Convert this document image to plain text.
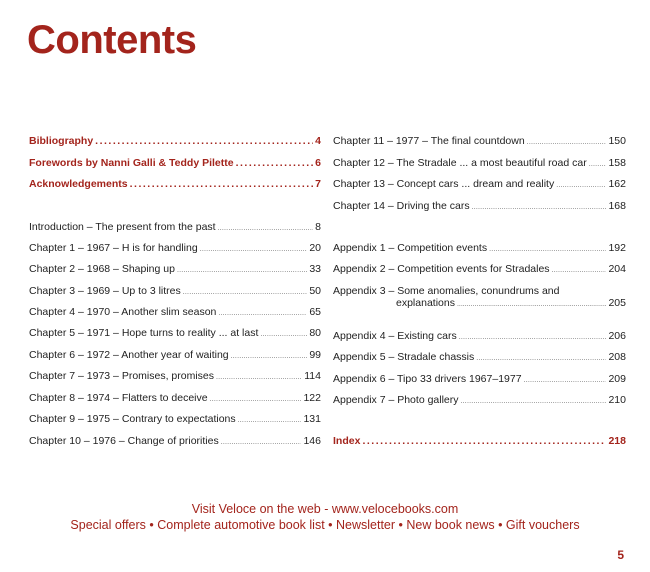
Contents
Bibliography .....	4
Forewords by Nanni Galli & Teddy Pilette .....	6
Acknowledgements .....	7
Introduction – The present from the past .....	8
Chapter 1 – 1967 – H is for handling .....	20
Chapter 2 – 1968 – Shaping up .....	33
Chapter 3 – 1969 – Up to 3 litres .....	50
Chapter 4 – 1970 – Another slim season .....	65
Chapter 5 – 1971 – Hope turns to reality ... at last .....	80
Chapter 6 – 1972 – Another year of waiting .....	99
Chapter 7 – 1973 – Promises, promises .....	114
Chapter 8 – 1974 – Flatters to deceive .....	122
Chapter 9 – 1975 – Contrary to expectations .....	131
Chapter 10 – 1976 – Change of priorities .....	146
Chapter 11 – 1977 – The final countdown .....	150
Chapter 12 – The Stradale ... a most beautiful road car ..... 158
Chapter 13 – Concept cars ... dream and reality .....	162
Chapter 14 – Driving the cars .....	168
Appendix 1 – Competition events .....	192
Appendix 2 – Competition events for Stradales .....	204
Appendix 3 – Some anomalies, conundrums and
explanations .....	205
Appendix 4 – Existing cars .....	206
Appendix 5 – Stradale chassis .....	208
Appendix 6 – Tipo 33 drivers 1967–1977 .....	209
Appendix 7 – Photo gallery .....	210
Index .....	218
Visit Veloce on the web - www.velocebooks.com
Special offers • Complete automotive book list • Newsletter • New book news • Gift vouchers
5
